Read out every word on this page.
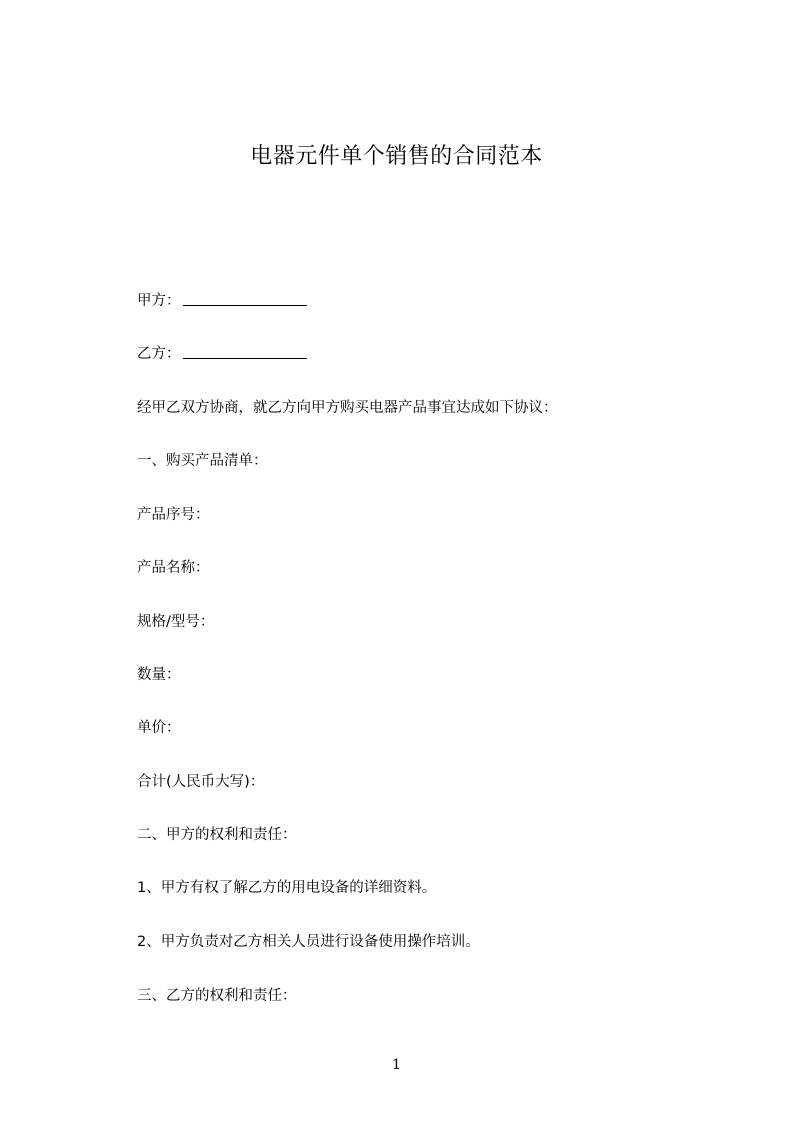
电器元件单个销售的合同范本
甲方：
乙方：
经甲乙双方协商，就乙方向甲方购买电器产品事宜达成如下协议：
一、购买产品清单：
产品序号：
产品名称：
规格/型号：
数量：
单价：
合计(人民币大写)：
二、甲方的权利和责任：
1、甲方有权了解乙方的用电设备的详细资料。
2、甲方负责对乙方相关人员进行设备使用操作培训。
三、乙方的权利和责任：
1
